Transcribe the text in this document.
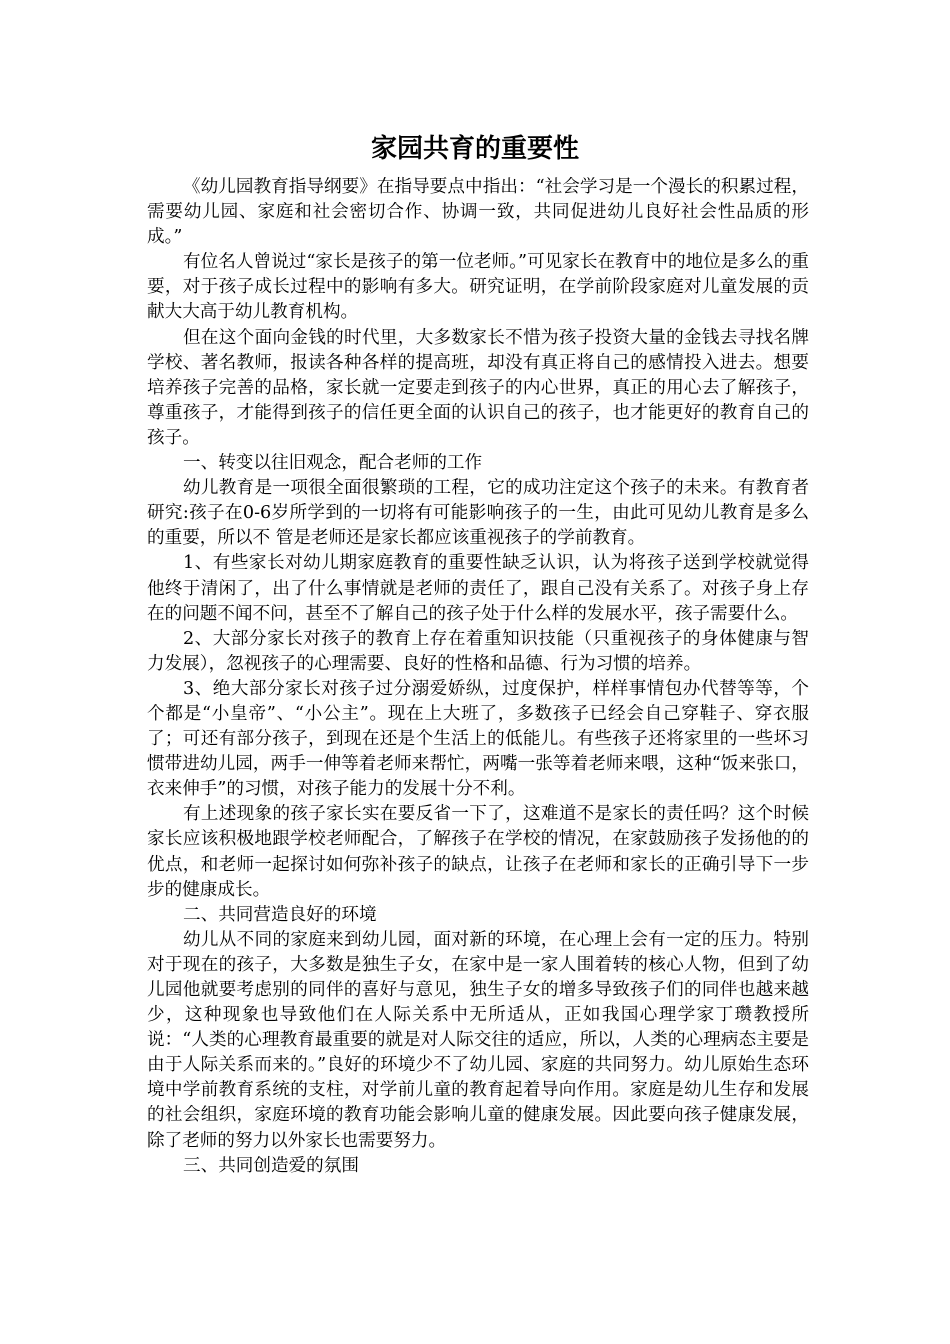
家园共育的重要性

《幼儿园教育指导纲要》在指导要点中指出：“社会学习是一个漫长的积累过程，需要幼儿园、家庭和社会密切合作、协调一致，共同促进幼儿良好社会性品质的形成。”

有位名人曾说过“家长是孩子的第一位老师。”可见家长在教育中的地位是多么的重要，对于孩子成长过程中的影响有多大。研究证明，在学前阶段家庭对儿童发展的贡献大大高于幼儿教育机构。

但在这个面向金钱的时代里，大多数家长不惜为孩子投资大量的金钱去寻找名牌学校、著名教师，报读各种各样的提高班，却没有真正将自己的感情投入进去。想要培养孩子完善的品格，家长就一定要走到孩子的内心世界，真正的用心去了解孩子，尊重孩子，才能得到孩子的信任更全面的认识自己的孩子，也才能更好的教育自己的孩子。

一、转变以往旧观念，配合老师的工作

幼儿教育是一项很全面很繁琐的工程，它的成功注定这个孩子的未来。有教育者研究:孩子在0-6岁所学到的一切将有可能影响孩子的一生，由此可见幼儿教育是多么的重要，所以不 管是老师还是家长都应该重视孩子的学前教育。

1、有些家长对幼儿期家庭教育的重要性缺乏认识，认为将孩子送到学校就觉得他终于清闲了，出了什么事情就是老师的责任了，跟自己没有关系了。对孩子身上存在的问题不闻不问，甚至不了解自己的孩子处于什么样的发展水平，孩子需要什么。

2、大部分家长对孩子的教育上存在着重知识技能（只重视孩子的身体健康与智力发展），忽视孩子的心理需要、良好的性格和品德、行为习惯的培养。

3、绝大部分家长对孩子过分溺爱娇纵，过度保护，样样事情包办代替等等，个个都是“小皇帝”、“小公主”。现在上大班了，多数孩子已经会自己穿鞋子、穿衣服了；可还有部分孩子，到现在还是个生活上的低能儿。有些孩子还将家里的一些坏习惯带进幼儿园，两手一伸等着老师来帮忙，两嘴一张等着老师来喂，这种“饭来张口，衣来伸手”的习惯，对孩子能力的发展十分不利。

有上述现象的孩子家长实在要反省一下了，这难道不是家长的责任吗？这个时候家长应该积极地跟学校老师配合，了解孩子在学校的情况，在家鼓励孩子发扬他的的优点，和老师一起探讨如何弥补孩子的缺点，让孩子在老师和家长的正确引导下一步步的健康成长。

二、共同营造良好的环境

幼儿从不同的家庭来到幼儿园，面对新的环境，在心理上会有一定的压力。特别对于现在的孩子，大多数是独生子女，在家中是一家人围着转的核心人物，但到了幼儿园他就要考虑别的同伴的喜好与意见，独生子女的增多导致孩子们的同伴也越来越少，这种现象也导致他们在人际关系中无所适从，正如我国心理学家丁瓒教授所说：“人类的心理教育最重要的就是对人际交往的适应，所以，人类的心理病态主要是由于人际关系而来的。”良好的环境少不了幼儿园、家庭的共同努力。幼儿原始生态环境中学前教育系统的支柱，对学前儿童的教育起着导向作用。家庭是幼儿生存和发展的社会组织，家庭环境的教育功能会影响儿童的健康发展。因此要向孩子健康发展，除了老师的努力以外家长也需要努力。

三、共同创造爱的氛围
